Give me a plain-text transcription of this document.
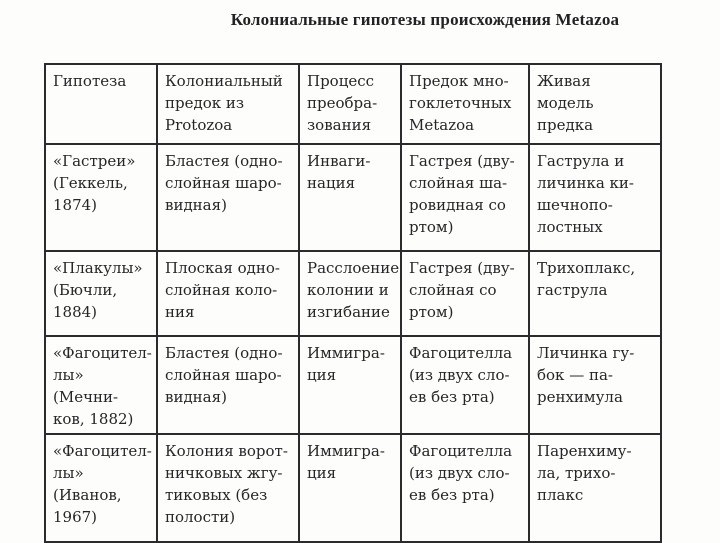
Колониальные гипотезы происхождения Metazoa
Гипотеза	Колониальный
предок из
Protozoa	Процесс
преобра-
зования	Предок мно-
гоклеточных
Metazoa	Живая
модель
предка
«Гастреи»
(Геккель,
1874)	Бластея (одно-
слойная шаро-
видная)	Инваги-
нация	Гастрея (дву-
слойная ша-
ровидная со
ртом)	Гаструла и
личинка ки-
шечнопо-
лостных
«Плакулы»
(Бючли,
1884)	Плоская одно-
слойная коло-
ния	Расслоение
колонии и
изгибание	Гастрея (дву-
слойная со
ртом)	Трихоплакс,
гаструла
«Фагоцител-
лы» (Мечни-
ков, 1882)	Бластея (одно-
слойная шаро-
видная)	Иммигра-
ция	Фагоцителла
(из двух сло-
ев без рта)	Личинка гу-
бок — па-
ренхимула
«Фагоцител-
лы» (Иванов,
1967)	Колония ворот-
ничковых жгу-
тиковых (без
полости)	Иммигра-
ция	Фагоцителла
(из двух сло-
ев без рта)	Паренхиму-
ла, трихо-
плакс
